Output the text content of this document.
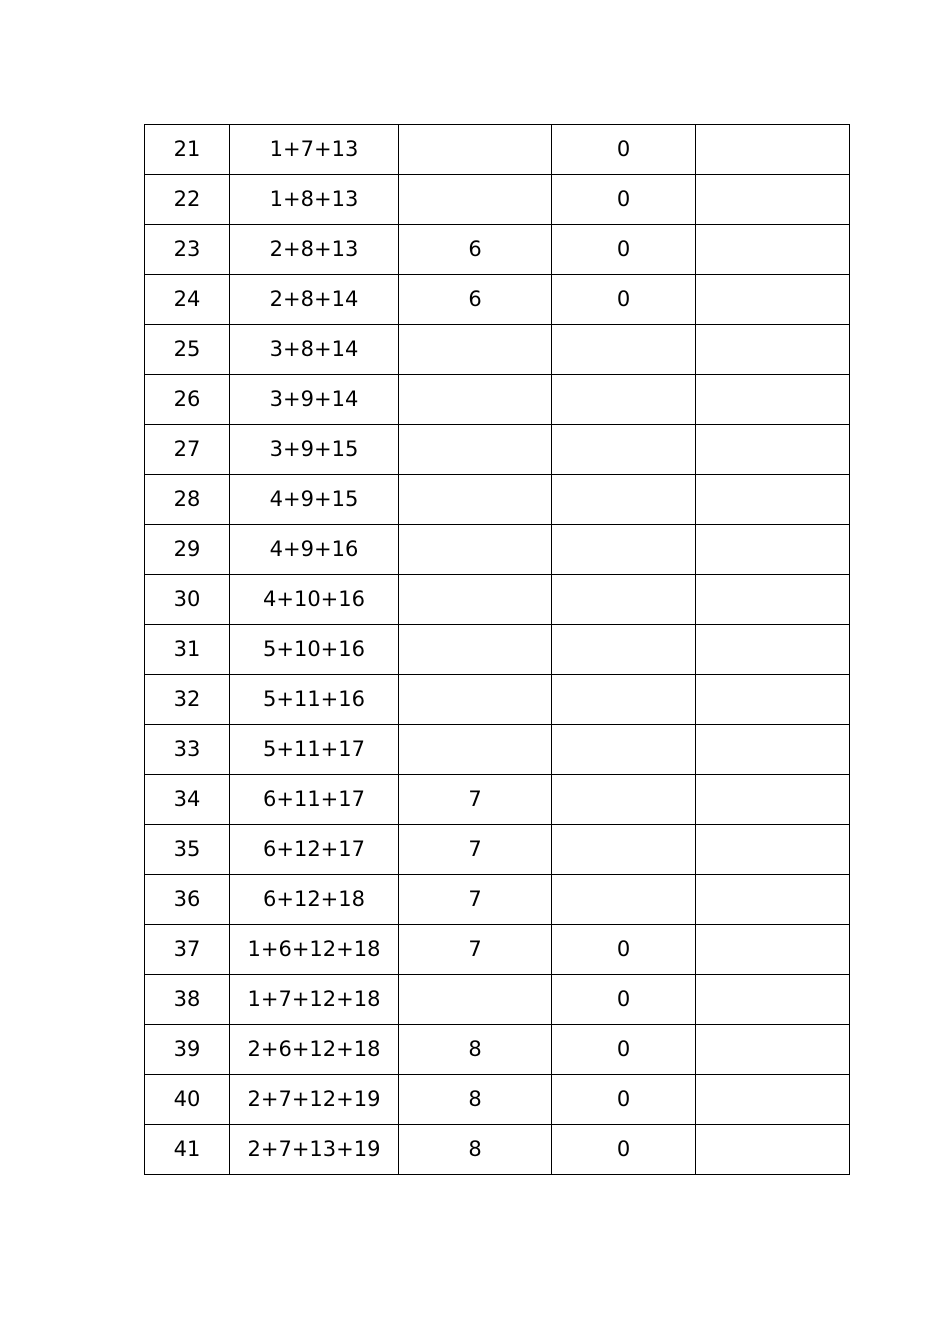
21	1+7+13		0	
22	1+8+13		0	
23	2+8+13	6	0	
24	2+8+14	6	0	
25	3+8+14			
26	3+9+14			
27	3+9+15			
28	4+9+15			
29	4+9+16			
30	4+10+16			
31	5+10+16			
32	5+11+16			
33	5+11+17			
34	6+11+17	7		
35	6+12+17	7		
36	6+12+18	7		
37	1+6+12+18	7	0	
38	1+7+12+18		0	
39	2+6+12+18	8	0	
40	2+7+12+19	8	0	
41	2+7+13+19	8	0	
